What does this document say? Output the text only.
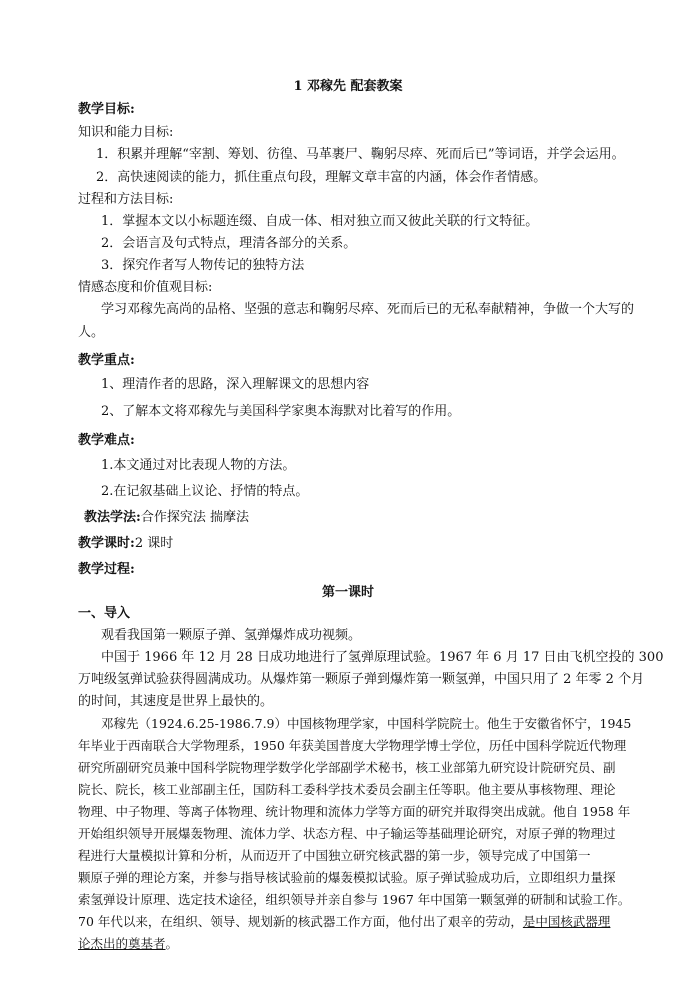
1 邓稼先 配套教案
教学目标:
知识和能力目标:
1．积累并理解“宰割、筹划、彷徨、马革裹尸、鞠躬尽瘁、死而后已”等词语，并学会运用。
2．高快速阅读的能力，抓住重点句段，理解文章丰富的内涵，体会作者情感。
过程和方法目标:
1．掌握本文以小标题连缀、自成一体、相对独立而又彼此关联的行文特征。
2．会语言及句式特点，理清各部分的关系。
3．探究作者写人物传记的独特方法
情感态度和价值观目标:
学习邓稼先高尚的品格、坚强的意志和鞠躬尽瘁、死而后已的无私奉献精神，争做一个大写的
人。
教学重点:
1、理清作者的思路，深入理解课文的思想内容
2、了解本文将邓稼先与美国科学家奥本海默对比着写的作用。
教学难点:
1.本文通过对比表现人物的方法。
2.在记叙基础上议论、抒情的特点。
教法学法:合作探究法 揣摩法
教学课时:2 课时
教学过程:
第一课时
一、导入
观看我国第一颗原子弹、氢弹爆炸成功视频。
中国于 1966 年 12 月 28 日成功地进行了氢弹原理试验。1967 年 6 月 17 日由飞机空投的 300
万吨级氢弹试验获得圆满成功。从爆炸第一颗原子弹到爆炸第一颗氢弹，中国只用了 2 年零 2 个月
的时间，其速度是世界上最快的。
邓稼先（1924.6.25-1986.7.9）中国核物理学家，中国科学院院士。他生于安徽省怀宁，1945
年毕业于西南联合大学物理系，1950 年获美国普度大学物理学博士学位，历任中国科学院近代物理
研究所副研究员兼中国科学院物理学数学化学部副学术秘书，核工业部第九研究设计院研究员、副
院长、院长，核工业部副主任，国防科工委科学技术委员会副主任等职。他主要从事核物理、理论
物理、中子物理、等离子体物理、统计物理和流体力学等方面的研究并取得突出成就。他自 1958 年
开始组织领导开展爆轰物理、流体力学、状态方程、中子输运等基础理论研究，对原子弹的物理过
程进行大量模拟计算和分析，从而迈开了中国独立研究核武器的第一步，领导完成了中国第一
颗原子弹的理论方案，并参与指导核试验前的爆轰模拟试验。原子弹试验成功后，立即组织力量探
索氢弹设计原理、选定技术途径，组织领导并亲自参与 1967 年中国第一颗氢弹的研制和试验工作。
70 年代以来，在组织、领导、规划新的核武器工作方面，他付出了艰辛的劳动，是中国核武器理
论杰出的奠基者。
